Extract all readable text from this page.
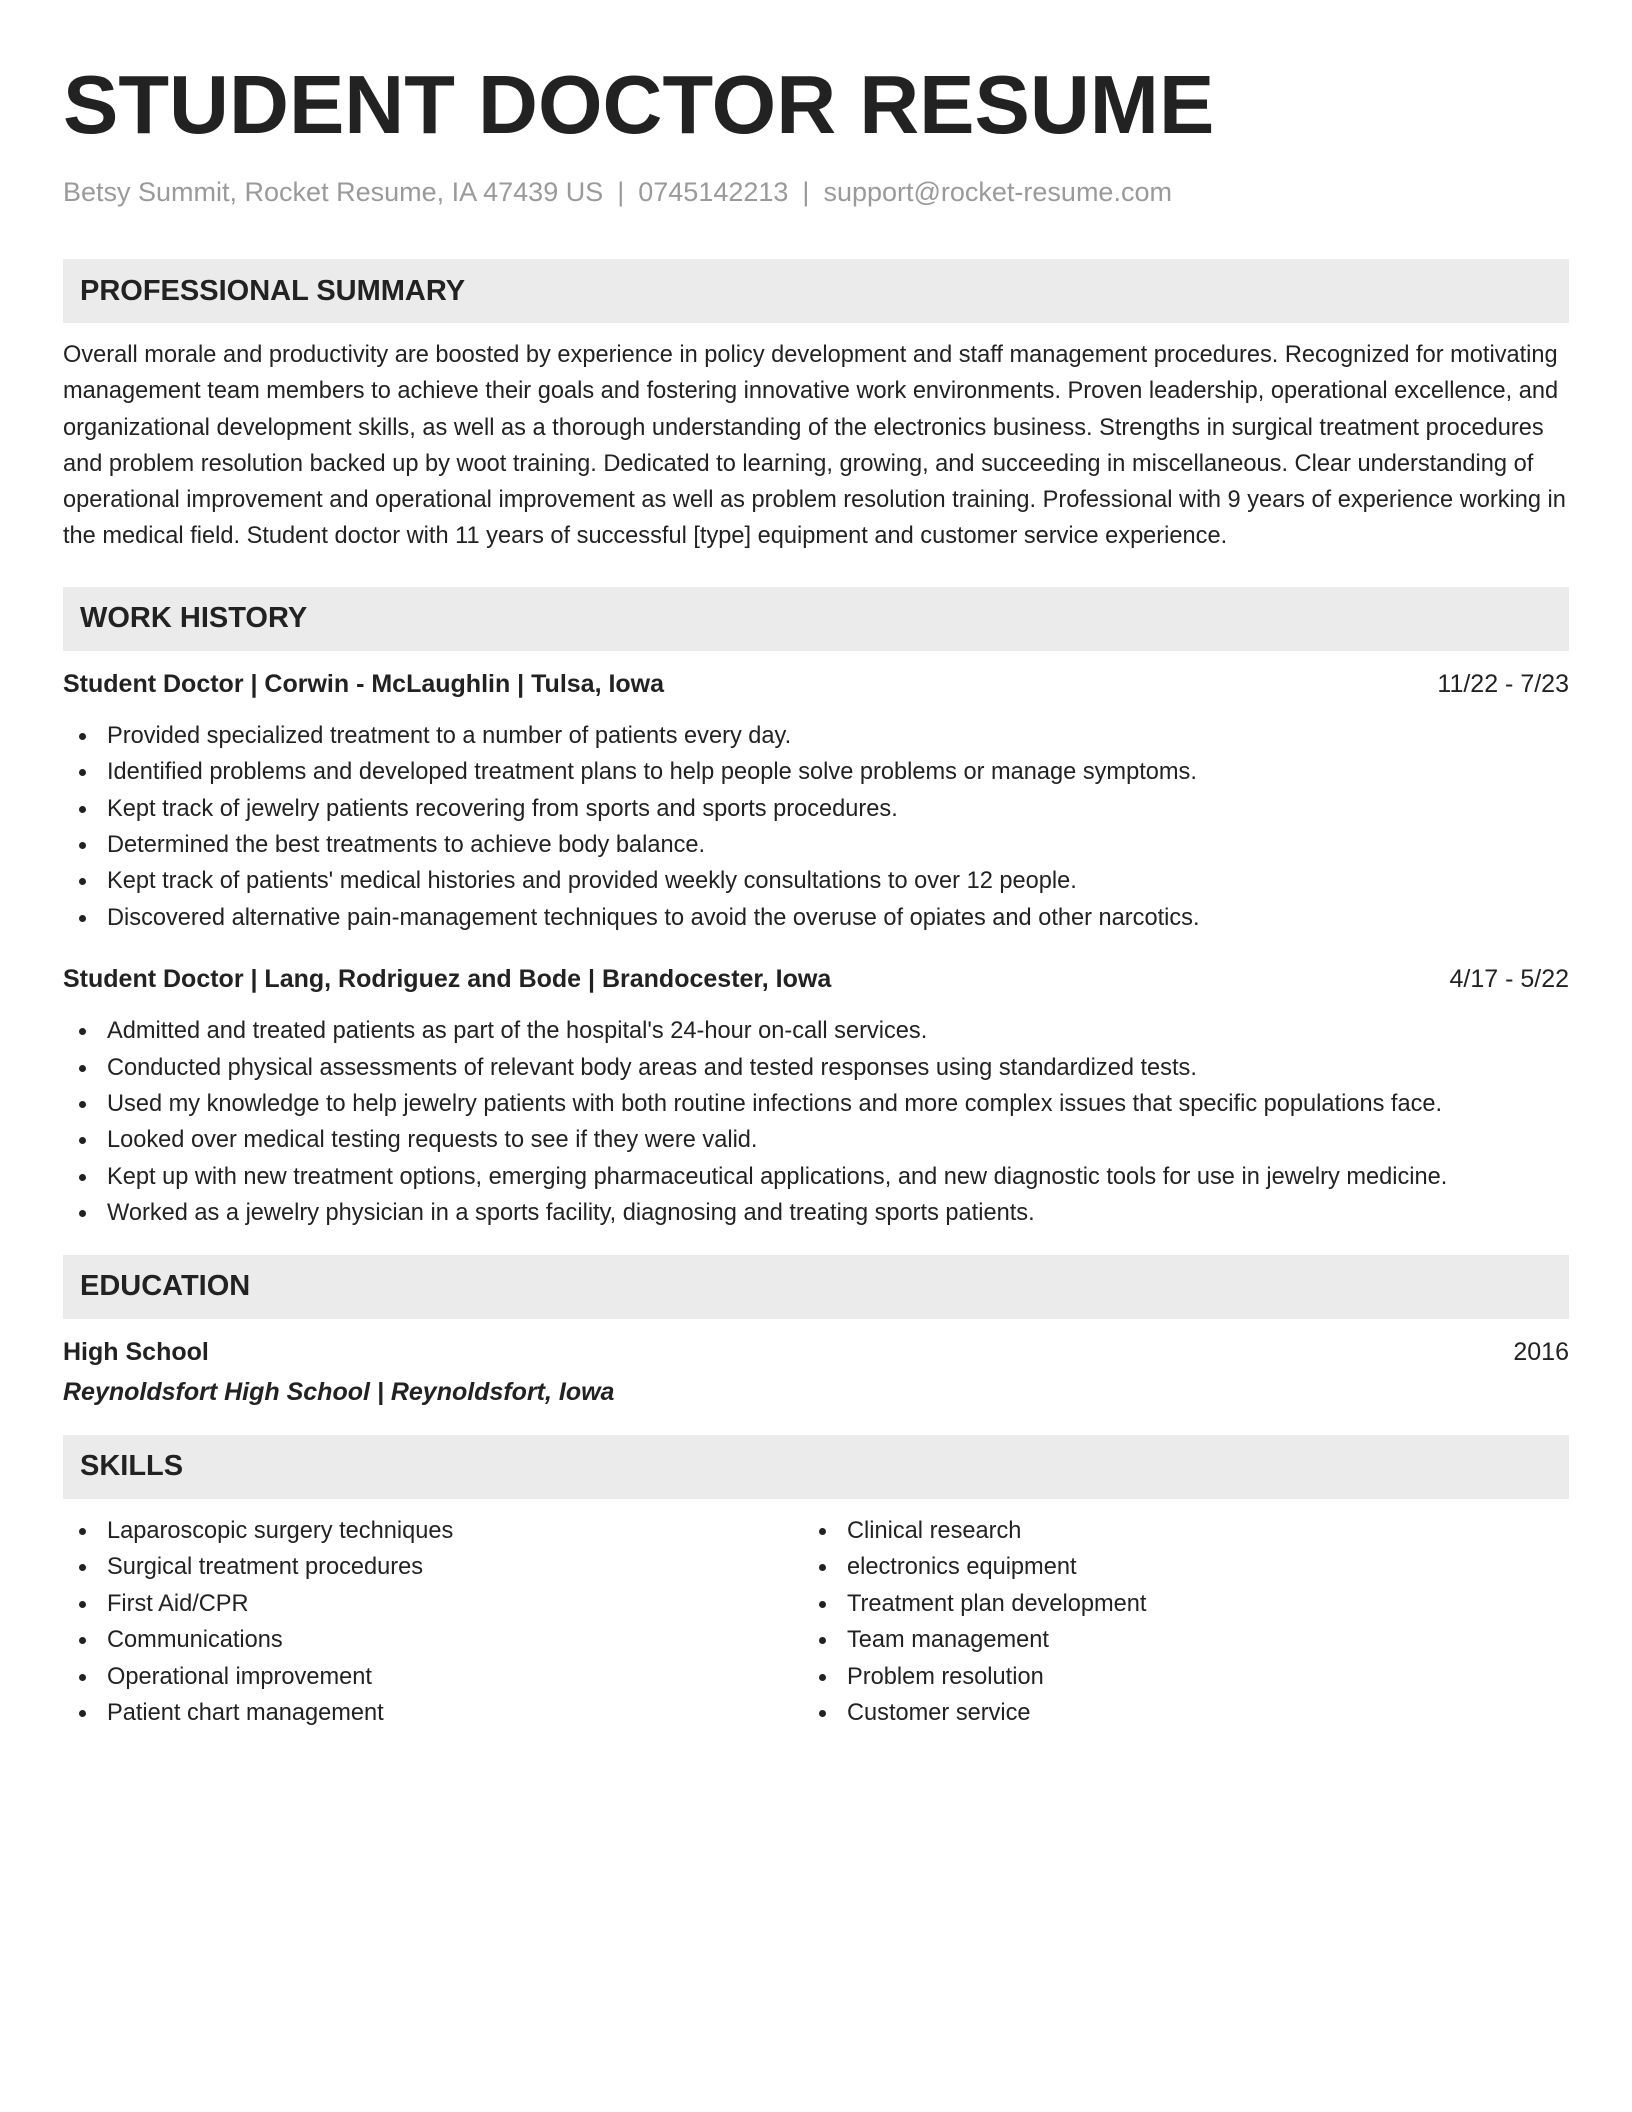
STUDENT DOCTOR RESUME
Betsy Summit, Rocket Resume, IA 47439 US | 0745142213 | support@rocket-resume.com
PROFESSIONAL SUMMARY

Overall morale and productivity are boosted by experience in policy development and staff management procedures. Recognized for motivating management team members to achieve their goals and fostering innovative work environments. Proven leadership, operational excellence, and organizational development skills, as well as a thorough understanding of the electronics business. Strengths in surgical treatment procedures and problem resolution backed up by woot training. Dedicated to learning, growing, and succeeding in miscellaneous. Clear understanding of operational improvement and operational improvement as well as problem resolution training. Professional with 9 years of experience working in the medical field. Student doctor with 11 years of successful [type] equipment and customer service experience.

WORK HISTORY
Student Doctor | Corwin - McLaughlin | Tulsa, Iowa	11/22 - 7/23
Provided specialized treatment to a number of patients every day.
Identified problems and developed treatment plans to help people solve problems or manage symptoms.
Kept track of jewelry patients recovering from sports and sports procedures.
Determined the best treatments to achieve body balance.
Kept track of patients' medical histories and provided weekly consultations to over 12 people.
Discovered alternative pain-management techniques to avoid the overuse of opiates and other narcotics.
Student Doctor | Lang, Rodriguez and Bode | Brandocester, Iowa	4/17 - 5/22
Admitted and treated patients as part of the hospital's 24-hour on-call services.
Conducted physical assessments of relevant body areas and tested responses using standardized tests.
Used my knowledge to help jewelry patients with both routine infections and more complex issues that specific populations face.
Looked over medical testing requests to see if they were valid.
Kept up with new treatment options, emerging pharmaceutical applications, and new diagnostic tools for use in jewelry medicine.
Worked as a jewelry physician in a sports facility, diagnosing and treating sports patients.
EDUCATION
High School	2016
Reynoldsfort High School | Reynoldsfort, Iowa
SKILLS
Laparoscopic surgery techniques
Surgical treatment procedures
First Aid/CPR
Communications
Operational improvement
Patient chart management
Clinical research
electronics equipment
Treatment plan development
Team management
Problem resolution
Customer service
